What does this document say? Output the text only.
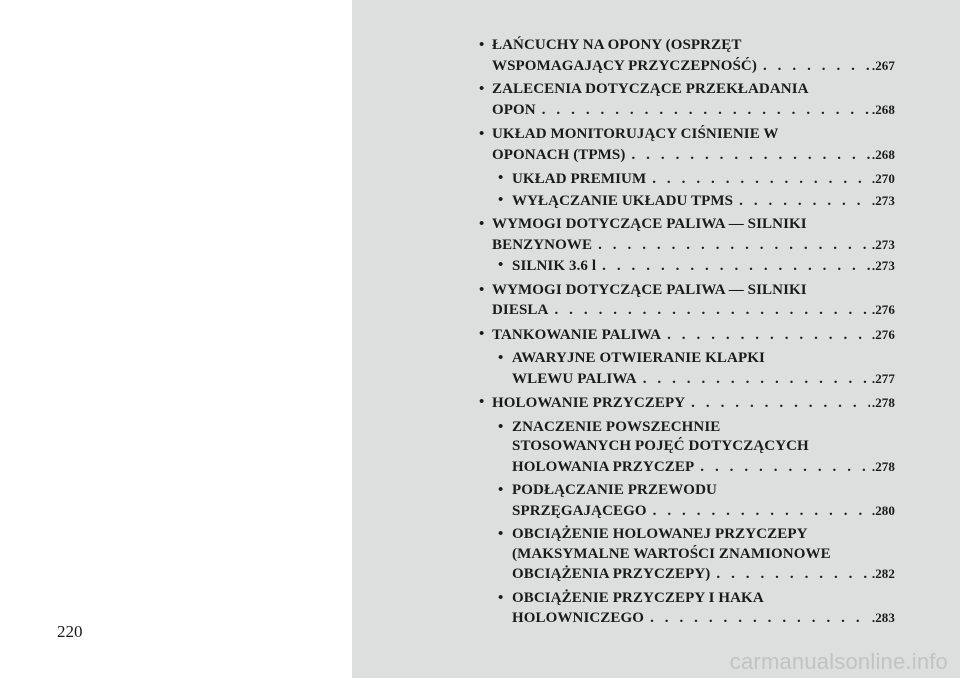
220
• ŁAŃCUCHY NA OPONY (OSPRZĘT
WSPOMAGAJĄCY PRZYCZEPNOŚĆ) . . .	.267
• ZALECENIA DOTYCZĄCE PRZEKŁADANIA
OPON . . .	.268
• UKŁAD MONITORUJĄCY CIŚNIENIE W
OPONACH (TPMS) . . .	.268
• UKŁAD PREMIUM . . .	.270
• WYŁĄCZANIE UKŁADU TPMS . . .	.273
• WYMOGI DOTYCZĄCE PALIWA — SILNIKI
BENZYNOWE . . .	.273
• SILNIK 3.6 l . . .	.273
• WYMOGI DOTYCZĄCE PALIWA — SILNIKI
DIESLA . . .	.276
• TANKOWANIE PALIWA . . .	.276
• AWARYJNE OTWIERANIE KLAPKI
WLEWU PALIWA . . .	.277
• HOLOWANIE PRZYCZEPY . . .	.278
• ZNACZENIE POWSZECHNIE
STOSOWANYCH POJĘĆ DOTYCZĄCYCH
HOLOWANIA PRZYCZEP . . .	.278
• PODŁĄCZANIE PRZEWODU
SPRZĘGAJĄCEGO . . .	.280
• OBCIĄŻENIE HOLOWANEJ PRZYCZEPY
(MAKSYMALNE WARTOŚCI ZNAMIONOWE
OBCIĄŻENIA PRZYCZEPY) . . .	.282
• OBCIĄŻENIE PRZYCZEPY I HAKA
HOLOWNICZEGO . . .	.283
carmanualsonline.info
